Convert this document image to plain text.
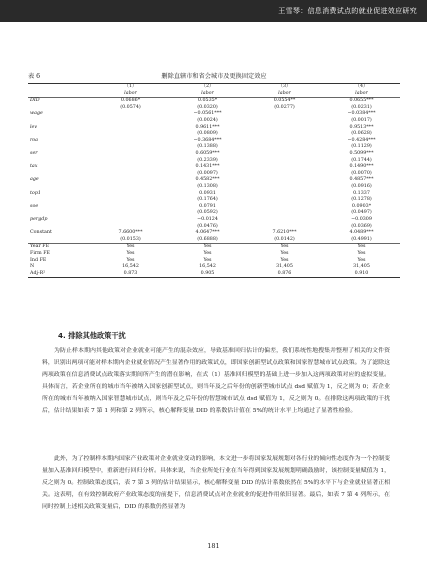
王雪琴：信息消费试点的就业促进效应研究
表 6	删除直辖市和省会城市及更换固定效应
	（1）	（2）	（3）	（4）
	labor	labor	labor	labor
DID	0.0686*	0.0535*	0.0554**	0.0655***
	(0.0574)	(0.0320)	(0.0277)	(0.0231)
wage		−0.0561***		−0.0384***
		(0.0024)		(0.0017)
lev		0.9611***		0.9513***
		(0.0809)		(0.0628)
roa		−0.3684***		−0.4284***
		(0.1388)		(0.1129)
ser		0.6059***		0.5099***
		(0.2339)		(0.1744)
tax		0.1431***		0.1490***
		(0.0097)		(0.0070)
age		0.4582***		0.4857***
		(0.1308)		(0.0916)
top1		0.0931		0.1337
		(0.1764)		(0.1278)
soe		0.0791		0.0903*
		(0.0592)		(0.0497)
pergdp		−0.0124		−0.0309
		(0.0476)		(0.0369)
Constant	7.6600***	4.0647***	7.6210***	4.0489***
	(0.0153)	(0.6888)	(0.0142)	(0.4991)
Year FE	Yes	Yes	Yes	Yes
Firm FE	Yes	Yes	Yes	Yes
Ind FE	Yes	Yes	Yes	Yes
N	16,542	16,542	31,405	31,405
Adj-R²	0.873	0.905	0.876	0.910
4. 排除其他政策干扰

为防止样本期内其他政策对企业就业可能产生的混杂效应，导致基准回归估计的偏差，我们系统性地搜集并整理了相关的文件资料，识别出两项可能对样本期内企业就业情况产生显著作用的政策试点，即国家创新型试点政策和国家智慧城市试点政策。为了滤除这两项政策在信息消费试点政策落实期间所产生的潜在影响，在式（1）基准回归模型的基础上进一步加入这两项政策对应的虚拟变量。具体而言，若企业所在的城市当年被纳入国家创新型试点，则当年及之后年份的创新型城市试点 dsd 赋值为 1，反之则为 0；若企业所在的城市当年被纳入国家智慧城市试点，则当年及之后年份的智慧城市试点 dsd 赋值为 1，反之则为 0。在排除这两项政策的干扰后，估计结果如表 7 第 1 列和第 2 列所示，核心解释变量 DID 的系数估计值在 5%的统计水平上均通过了显著性检验。

此外，为了控制样本期内国家产业政策对企业就业变动的影响，本文进一步将国家发展规划对各行业的倾向性态度作为一个控制变量加入基准回归模型中，重新进行回归分析。具体来说，当企业所处行业在当年得到国家发展规划明确鼓励时，该控制变量赋值为 1，反之则为 0。控制政策态度后，表 7 第 3 列的估计结果显示，核心解释变量 DID 的估计系数依然在 5%的水平下与企业就业显著正相关。这表明，在有效控制政府产业政策态度的前提下，信息消费试点对企业就业的促进作用依旧显著。最后，如表 7 第 4 列所示，在同时控制上述相关政策变量后，DID 的系数仍然显著为

181
